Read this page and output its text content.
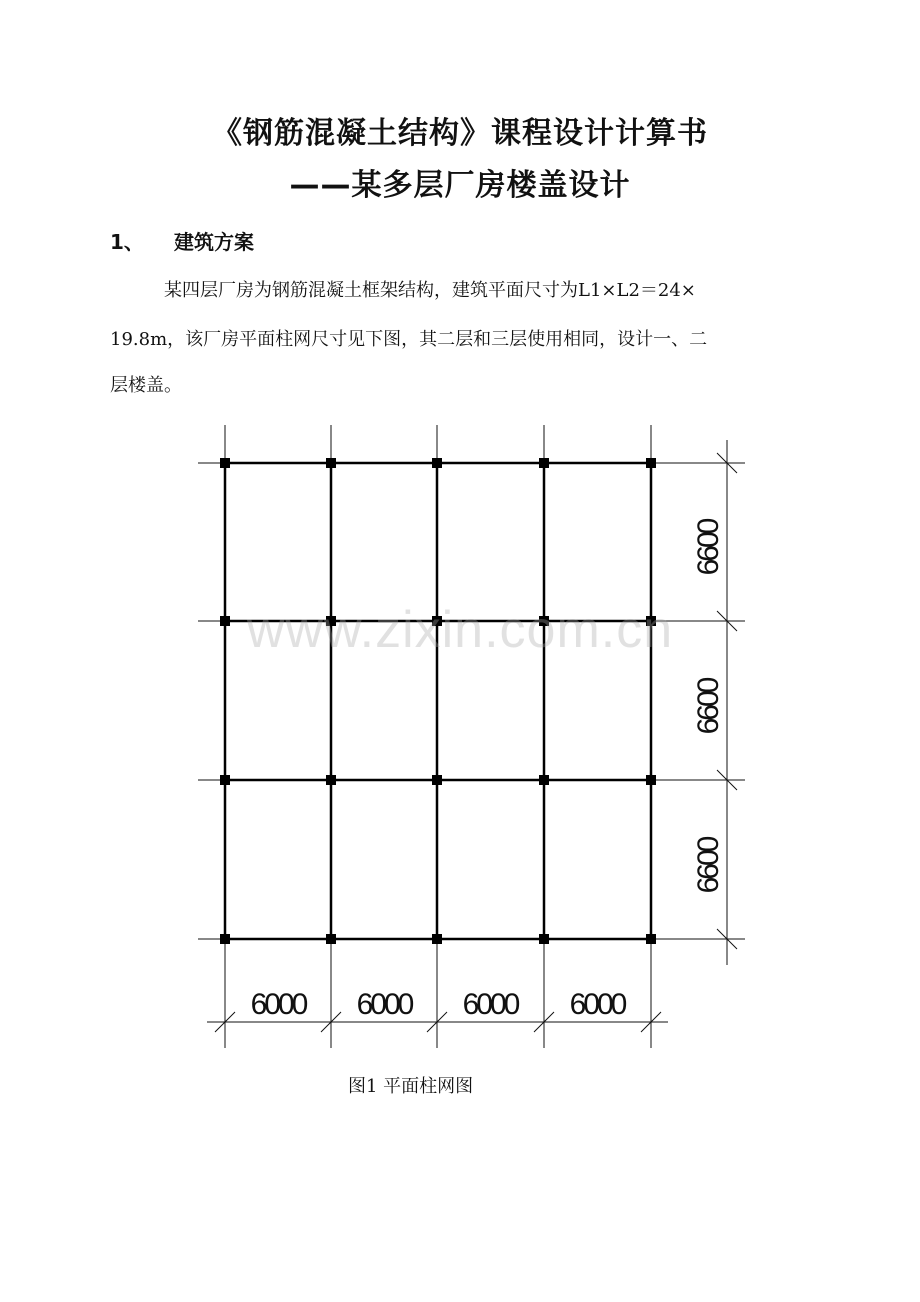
《钢筋混凝土结构》课程设计计算书
——某多层厂房楼盖设计
1、 建筑方案
某四层厂房为钢筋混凝土框架结构，建筑平面尺寸为L1×L2＝24×
19.8m，该厂房平面柱网尺寸见下图，其二层和三层使用相同，设计一、二
层楼盖。
6000 6000 6000 6000
6600
6600
6600
图1 平面柱网图
www.zixin.com.cn
